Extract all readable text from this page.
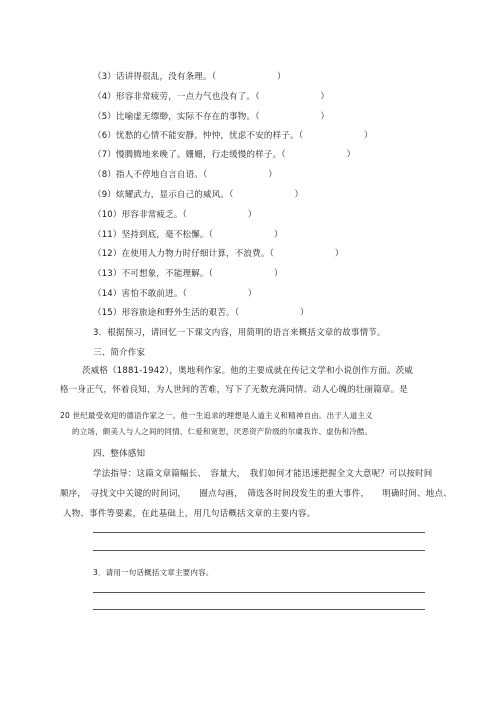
（3）话讲得很乱，没有条理。（　　　　　　　）
（4）形容非常疲劳，一点力气也没有了。（　　　　　　　）
（5）比喻虚无缥缈，实际不存在的事物。（　　　　　　　）
（6）忧愁的心情不能安静。忡忡，忧虑不安的样子。（　　　　　　　）
（7）慢腾腾地来晚了。姗姗，行走缓慢的样子。（　　　　　　　）
（8）指人不停地自言自语。（　　　　　　　）
（9）炫耀武力，显示自己的威风。（　　　　　　　）
（10）形容非常疲乏。（　　　　　　　）
（11）坚持到底，毫不松懈。（　　　　　　　）
（12）在使用人力物力时仔细计算，不浪费。（　　　　　　　）
（13）不可想象，不能理解。（　　　　　　　）
（14）害怕不敢前进。（　　　　　　　）
（15）形容旅途和野外生活的艰苦。（　　　　　　　）
3．根据预习，请回忆一下课文内容，用简明的语言来概括文章的故事情节。
三、简介作家
茨威格（1881-1942），奥地利作家。他的主要成就在传记文学和小说创作方面。茨威
格一身正气，怀着良知，为人世间的苦难，写下了无数充满同情、动人心魄的壮丽篇章。是
20 世纪最受欢迎的德语作家之一。他一生追求的理想是人道主义和精神自由。出于人道主义
的立场，颇美人与人之间的同情、仁爱和宽恕，厌恶资产阶级的尔虞我诈、虚伪和冷酷。
四、整体感知
学法指导：这篇文章篇幅长、　容量大，　我们如何才能迅速把握全文大意呢？可以按时间
顺序，　寻找文中关键的时间词，　　圈点勾画，　筛选各时间段发生的重大事件，　　明确时间、地点、
人物、事件等要素，在此基础上，用几句话概括文章的主要内容。
3．请用一句话概括文章主要内容。
